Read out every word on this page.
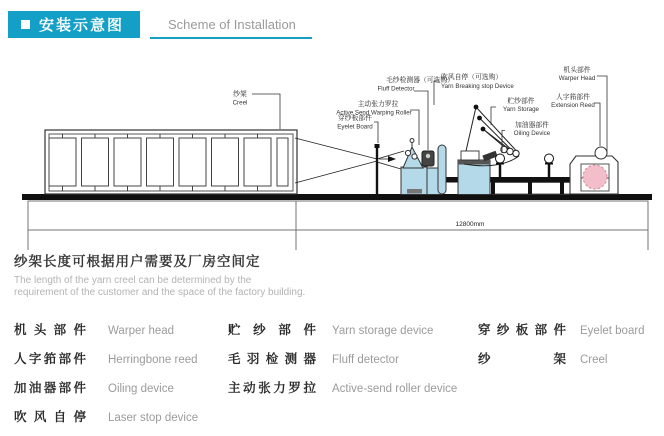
安装示意图	Scheme of Installation
12800mm
纱架
Creel
穿纱板部件
Eyelet Board
主动张力罗拉
Active Send Warping Roller
毛纱检测器（可选购）
Fluff Detector
吹风自停（可选购）
Yarn Breaking stop Device
贮纱部件
Yarn Storage
机头部件
Warper Head
人字筘部件
Extension Reed
加油器部件
Oiling Device
纱架长度可根据用户需要及厂房空间定
The length of the yarn creel can be determined by the
requirement of the customer and the space of the factory building.
机头部件 Warper head
人字筘部件 Herringbone reed
加油器部件 Oiling device
吹风自停 Laser stop device
贮纱部件 Yarn storage device
毛羽检测器 Fluff detector
主动张力罗拉 Active-send roller device
穿纱板部件 Eyelet board
纱架 Creel
